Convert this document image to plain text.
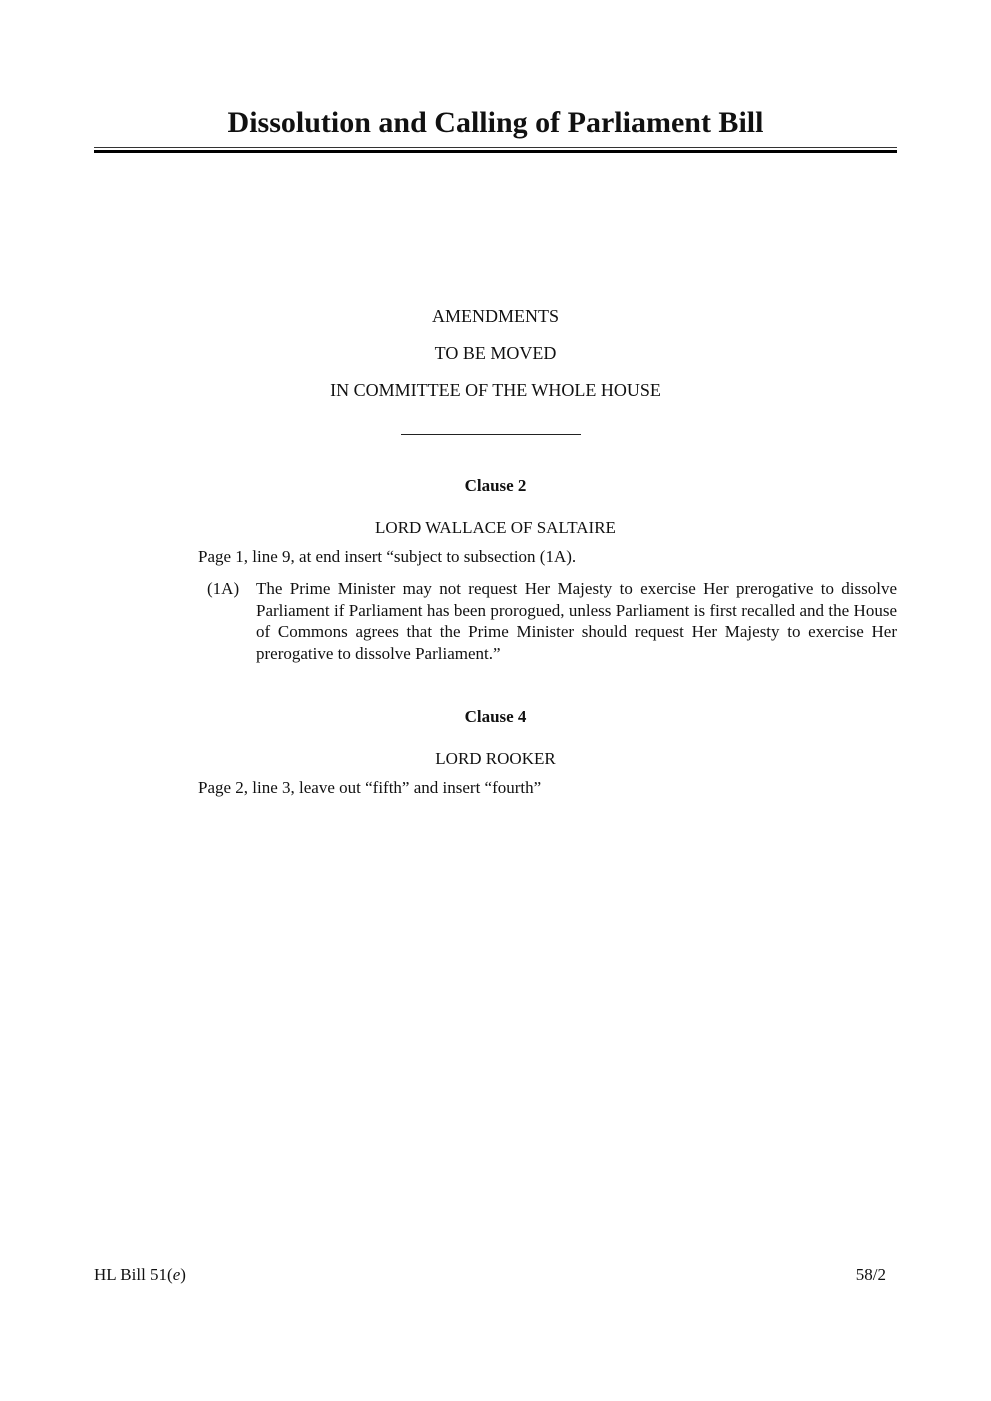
Dissolution and Calling of Parliament Bill
AMENDMENTS
TO BE MOVED
IN COMMITTEE OF THE WHOLE HOUSE
Clause 2
LORD WALLACE OF SALTAIRE
Page 1, line 9, at end insert “subject to subsection (1A).
(1A) The Prime Minister may not request Her Majesty to exercise Her prerogative to dissolve Parliament if Parliament has been prorogued, unless Parliament is first recalled and the House of Commons agrees that the Prime Minister should request Her Majesty to exercise Her prerogative to dissolve Parliament.”
Clause 4
LORD ROOKER
Page 2, line 3, leave out “fifth” and insert “fourth”
HL Bill 51(e)	58/2
